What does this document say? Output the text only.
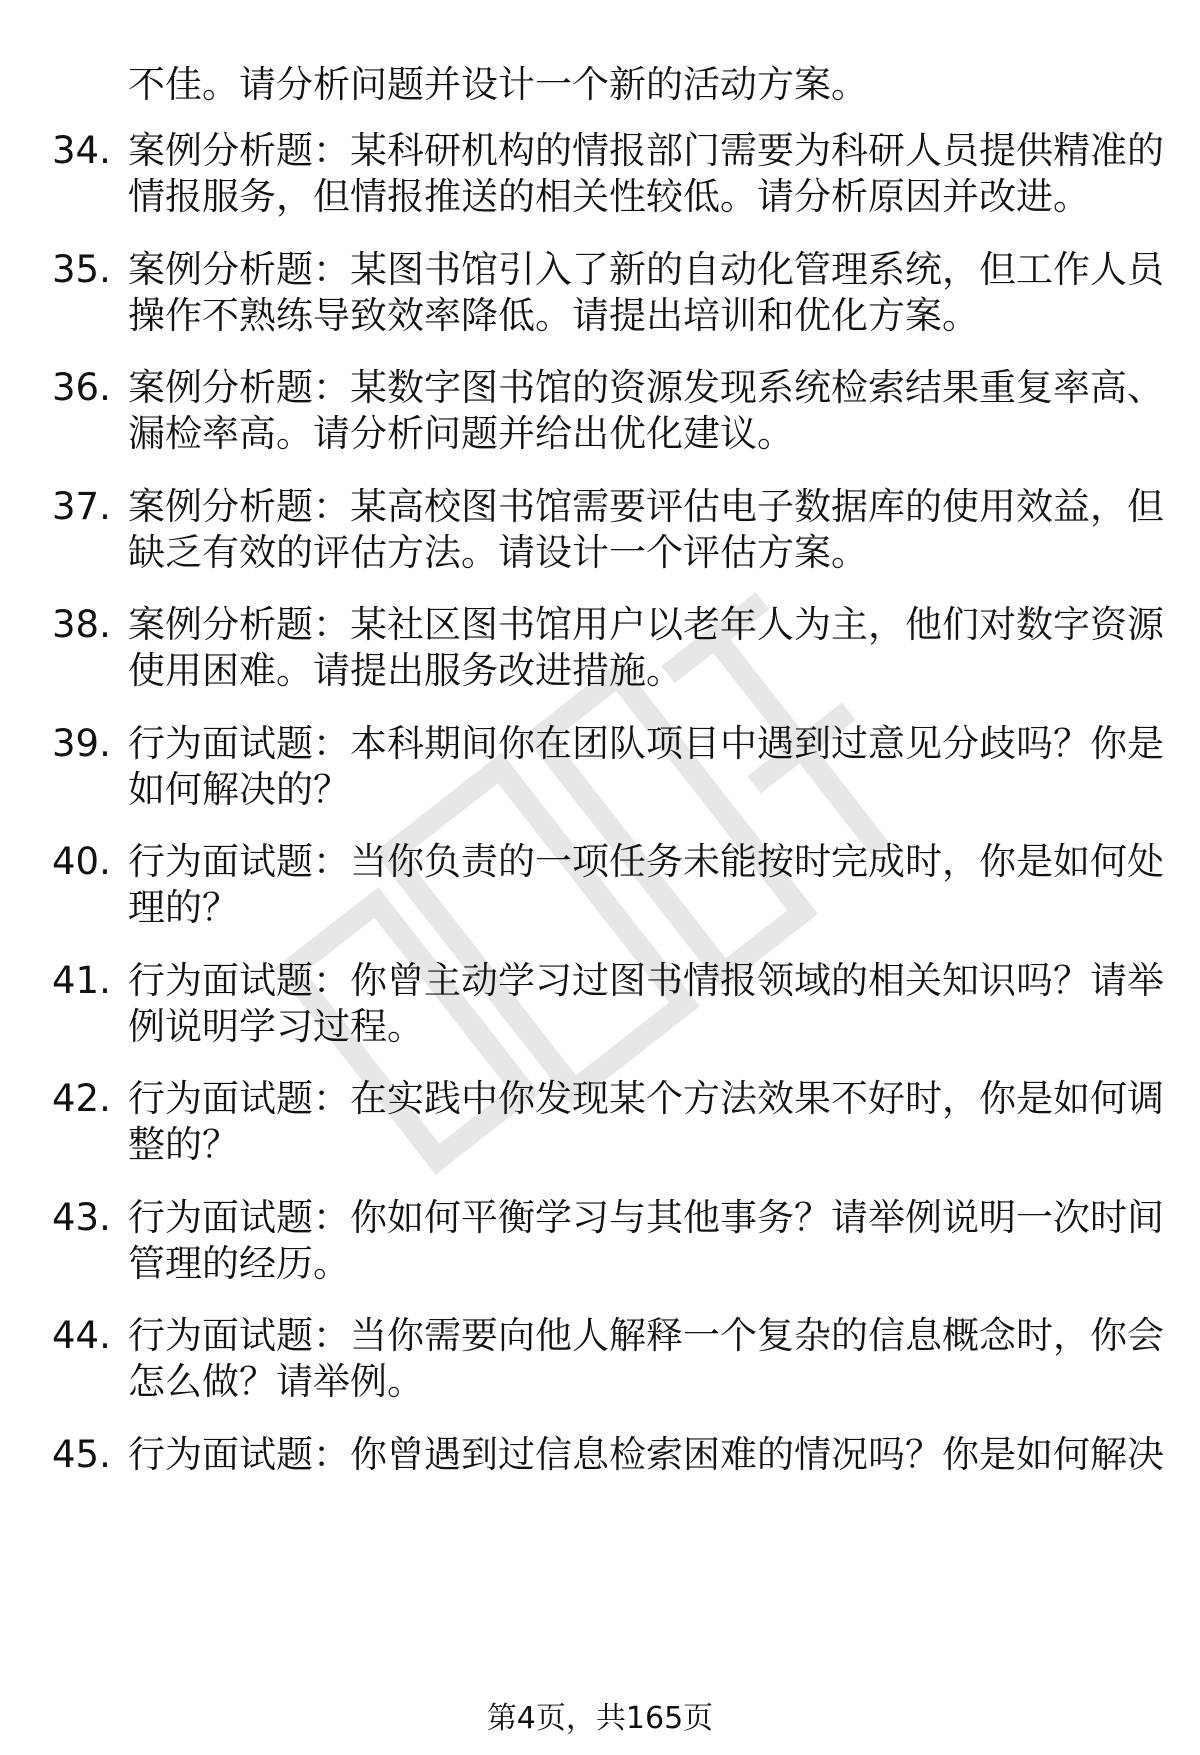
不佳。请分析问题并设计一个新的活动方案。
34. 案例分析题：某科研机构的情报部门需要为科研人员提供精准的
情报服务，但情报推送的相关性较低。请分析原因并改进。
35. 案例分析题：某图书馆引入了新的自动化管理系统，但工作人员
操作不熟练导致效率降低。请提出培训和优化方案。
36. 案例分析题：某数字图书馆的资源发现系统检索结果重复率高、
漏检率高。请分析问题并给出优化建议。
37. 案例分析题：某高校图书馆需要评估电子数据库的使用效益，但
缺乏有效的评估方法。请设计一个评估方案。
38. 案例分析题：某社区图书馆用户以老年人为主，他们对数字资源
使用困难。请提出服务改进措施。
39. 行为面试题：本科期间你在团队项目中遇到过意见分歧吗？你是
如何解决的？
40. 行为面试题：当你负责的一项任务未能按时完成时，你是如何处
理的？
41. 行为面试题：你曾主动学习过图书情报领域的相关知识吗？请举
例说明学习过程。
42. 行为面试题：在实践中你发现某个方法效果不好时，你是如何调
整的？
43. 行为面试题：你如何平衡学习与其他事务？请举例说明一次时间
管理的经历。
44. 行为面试题：当你需要向他人解释一个复杂的信息概念时，你会
怎么做？请举例。
45. 行为面试题：你曾遇到过信息检索困难的情况吗？你是如何解决
第4页，共165页
